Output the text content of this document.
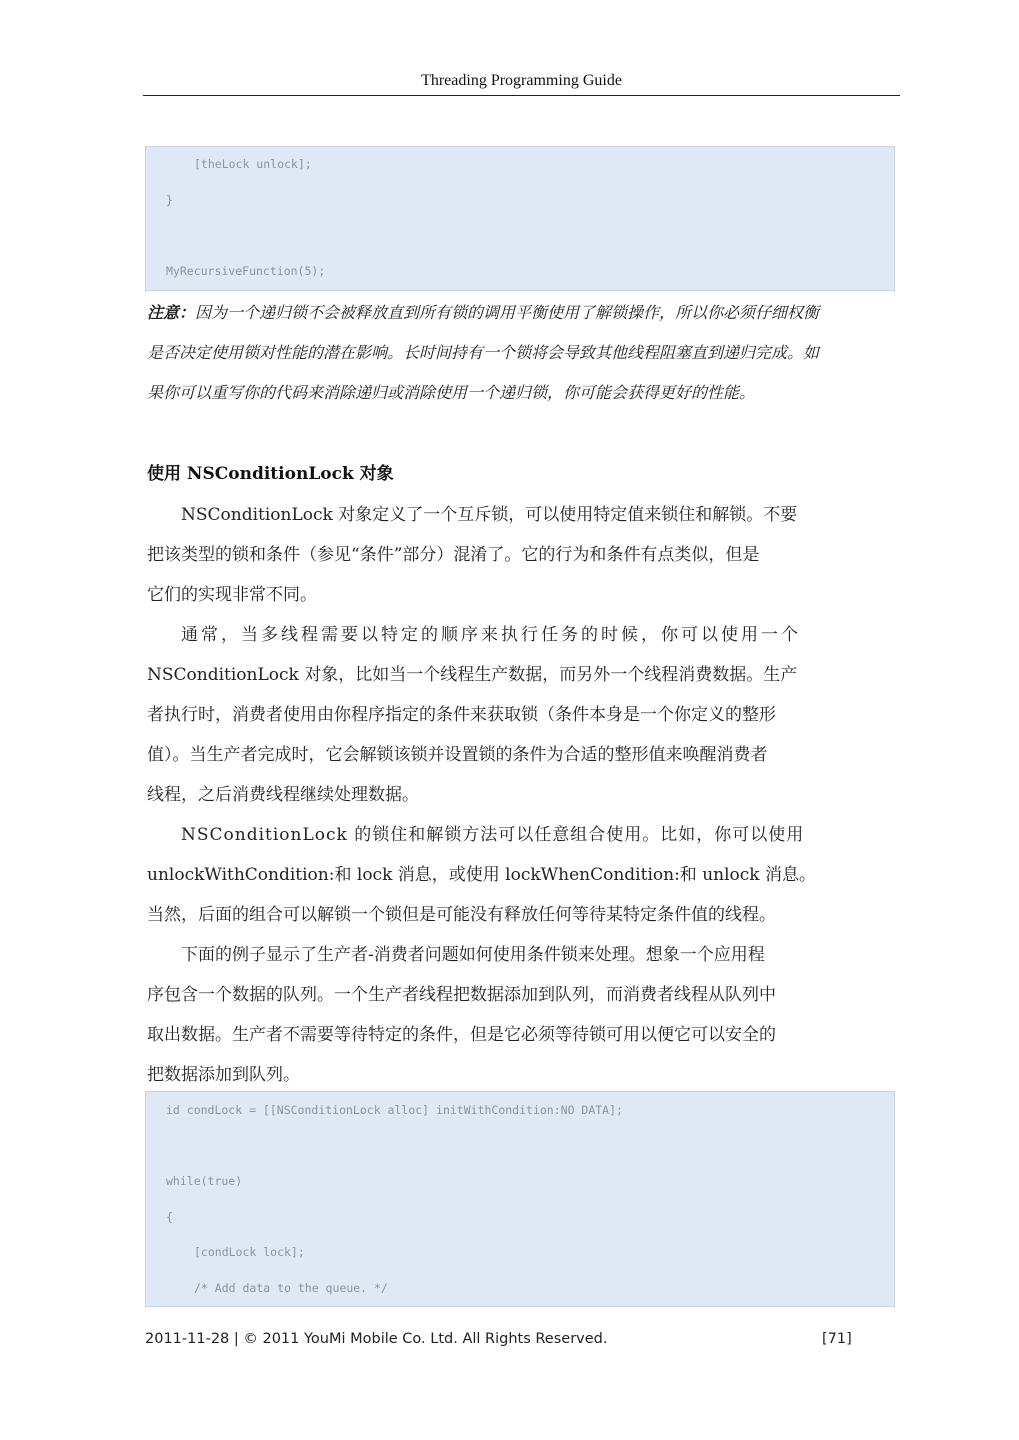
Threading Programming Guide
[theLock unlock];
}
MyRecursiveFunction(5);
注意：因为一个递归锁不会被释放直到所有锁的调用平衡使用了解锁操作，所以你必须仔细权衡
是否决定使用锁对性能的潜在影响。长时间持有一个锁将会导致其他线程阻塞直到递归完成。如
果你可以重写你的代码来消除递归或消除使用一个递归锁，你可能会获得更好的性能。
使用 NSConditionLock 对象
NSConditionLock 对象定义了一个互斥锁，可以使用特定值来锁住和解锁。不要
把该类型的锁和条件（参见“条件”部分）混淆了。它的行为和条件有点类似，但是
它们的实现非常不同。
通常，当多线程需要以特定的顺序来执行任务的时候，你可以使用一个
NSConditionLock 对象，比如当一个线程生产数据，而另外一个线程消费数据。生产
者执行时，消费者使用由你程序指定的条件来获取锁（条件本身是一个你定义的整形
值）。当生产者完成时，它会解锁该锁并设置锁的条件为合适的整形值来唤醒消费者
线程，之后消费线程继续处理数据。
NSConditionLock 的锁住和解锁方法可以任意组合使用。比如，你可以使用
unlockWithCondition:和 lock 消息，或使用 lockWhenCondition:和 unlock 消息。
当然，后面的组合可以解锁一个锁但是可能没有释放任何等待某特定条件值的线程。
下面的例子显示了生产者-消费者问题如何使用条件锁来处理。想象一个应用程
序包含一个数据的队列。一个生产者线程把数据添加到队列，而消费者线程从队列中
取出数据。生产者不需要等待特定的条件，但是它必须等待锁可用以便它可以安全的
把数据添加到队列。
id condLock = [[NSConditionLock alloc] initWithCondition:NO DATA];
while(true)
{
[condLock lock];
/* Add data to the queue. */
2011-11-28 | © 2011 YouMi Mobile Co. Ltd. All Rights Reserved.	[71]
